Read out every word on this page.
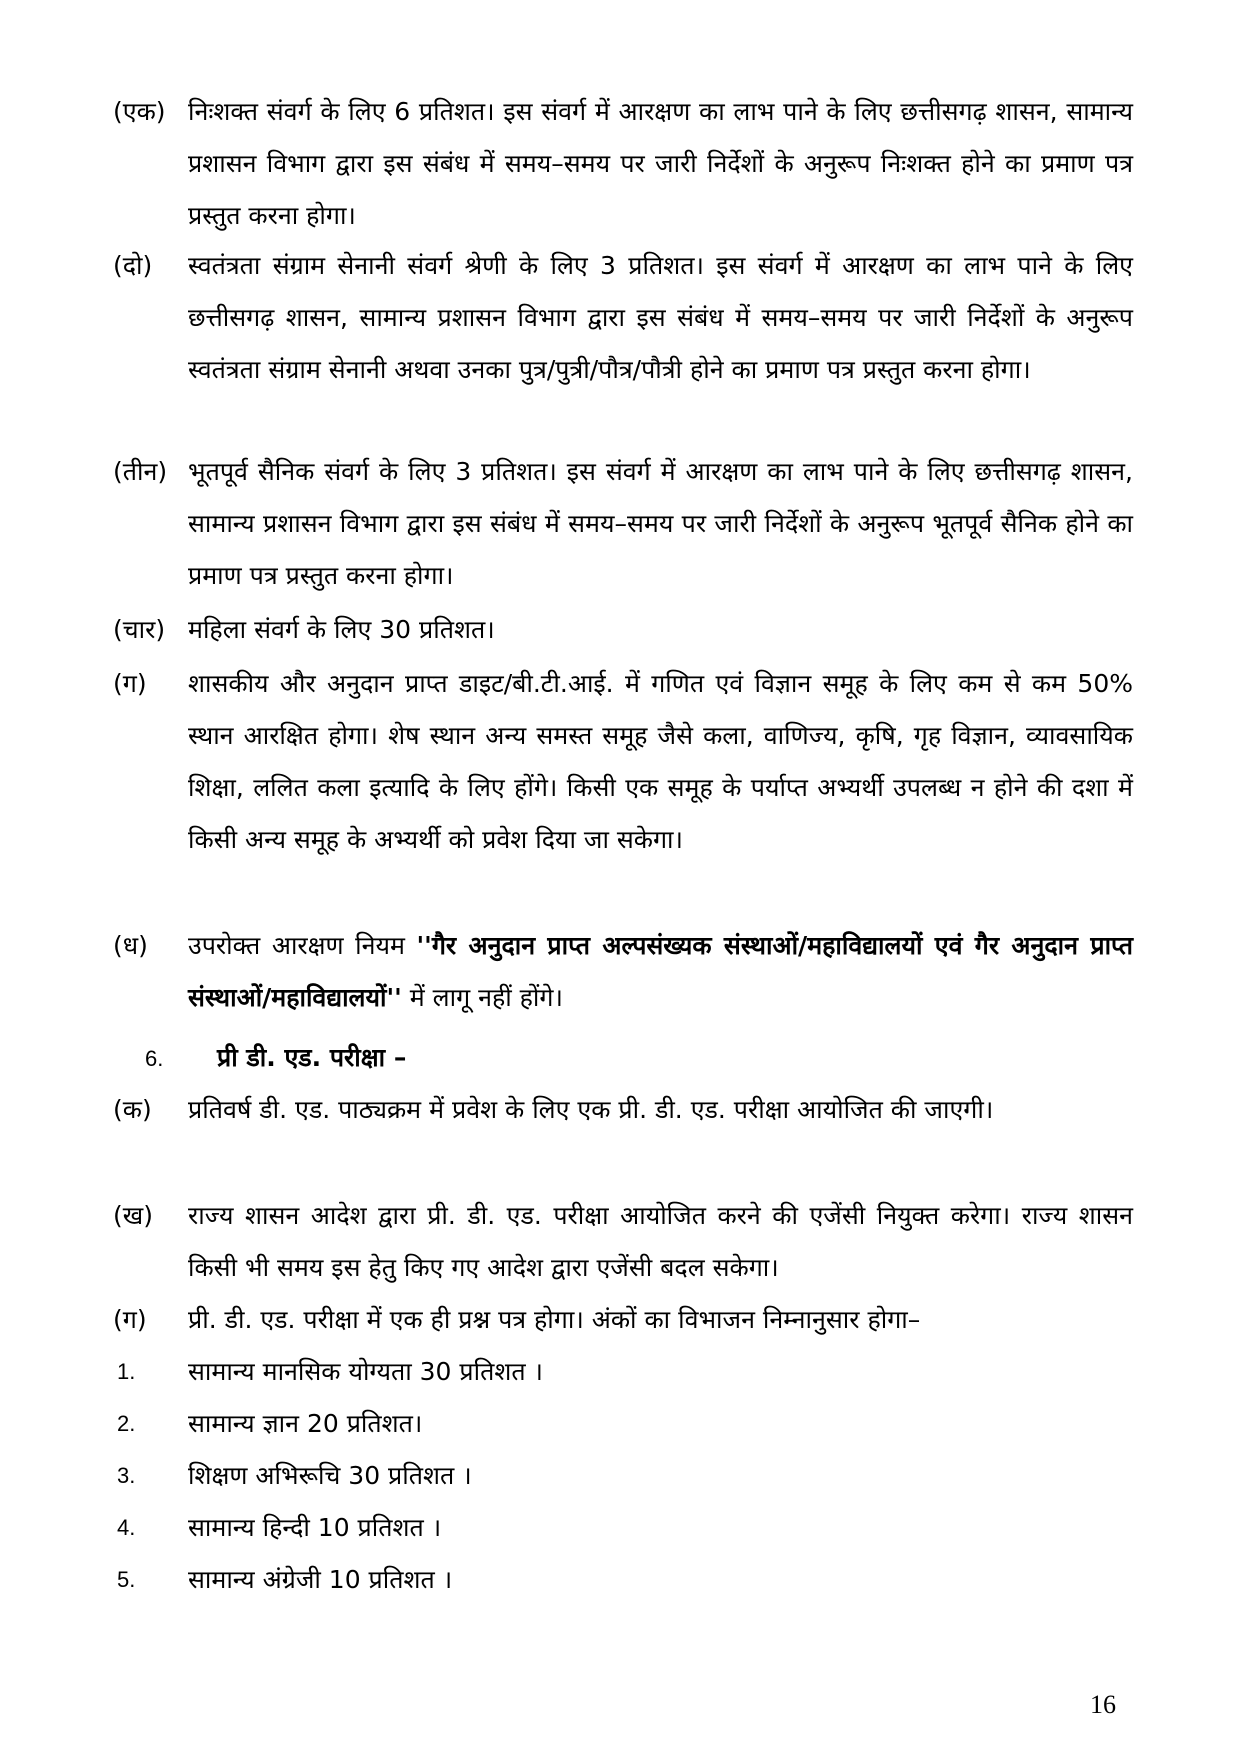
(एक) निःशक्त संवर्ग के लिए 6 प्रतिशत। इस संवर्ग में आरक्षण का लाभ पाने के लिए छत्तीसगढ़ शासन, सामान्य प्रशासन विभाग द्वारा इस संबंध में समय–समय पर जारी निर्देशों के अनुरूप निःशक्त होने का प्रमाण पत्र प्रस्तुत करना होगा।
(दो) स्वतंत्रता संग्राम सेनानी संवर्ग श्रेणी के लिए 3 प्रतिशत। इस संवर्ग में आरक्षण का लाभ पाने के लिए छत्तीसगढ़ शासन, सामान्य प्रशासन विभाग द्वारा इस संबंध में समय–समय पर जारी निर्देशों के अनुरूप स्वतंत्रता संग्राम सेनानी अथवा उनका पुत्र/पुत्री/पौत्र/पौत्री होने का प्रमाण पत्र प्रस्तुत करना होगा।
(तीन) भूतपूर्व सैनिक संवर्ग के लिए 3 प्रतिशत। इस संवर्ग में आरक्षण का लाभ पाने के लिए छत्तीसगढ़ शासन, सामान्य प्रशासन विभाग द्वारा इस संबंध में समय–समय पर जारी निर्देशों के अनुरूप भूतपूर्व सैनिक होने का प्रमाण पत्र प्रस्तुत करना होगा।
(चार) महिला संवर्ग के लिए 30 प्रतिशत।
(ग) शासकीय और अनुदान प्राप्त डाइट/बी.टी.आई. में गणित एवं विज्ञान समूह के लिए कम से कम 50% स्थान आरक्षित होगा। शेष स्थान अन्य समस्त समूह जैसे कला, वाणिज्य, कृषि, गृह विज्ञान, व्यावसायिक शिक्षा, ललित कला इत्यादि के लिए होंगे। किसी एक समूह के पर्याप्त अभ्यर्थी उपलब्ध न होने की दशा में किसी अन्य समूह के अभ्यर्थी को प्रवेश दिया जा सकेगा।
(ध) उपरोक्त आरक्षण नियम ''गैर अनुदान प्राप्त अल्पसंख्यक संस्थाओं/महाविद्यालयों एवं गैर अनुदान प्राप्त संस्थाओं/महाविद्यालयों'' में लागू नहीं होंगे।
6. प्री डी. एड. परीक्षा –
(क) प्रतिवर्ष डी. एड. पाठ्यक्रम में प्रवेश के लिए एक प्री. डी. एड. परीक्षा आयोजित की जाएगी।
(ख) राज्य शासन आदेश द्वारा प्री. डी. एड. परीक्षा आयोजित करने की एजेंसी नियुक्त करेगा। राज्य शासन किसी भी समय इस हेतु किए गए आदेश द्वारा एजेंसी बदल सकेगा।
(ग) प्री. डी. एड. परीक्षा में एक ही प्रश्न पत्र होगा। अंकों का विभाजन निम्नानुसार होगा–
1. सामान्य मानसिक योग्यता 30 प्रतिशत ।
2. सामान्य ज्ञान 20 प्रतिशत।
3. शिक्षण अभिरूचि 30 प्रतिशत ।
4. सामान्य हिन्दी 10 प्रतिशत ।
5. सामान्य अंग्रेजी 10 प्रतिशत ।
16
